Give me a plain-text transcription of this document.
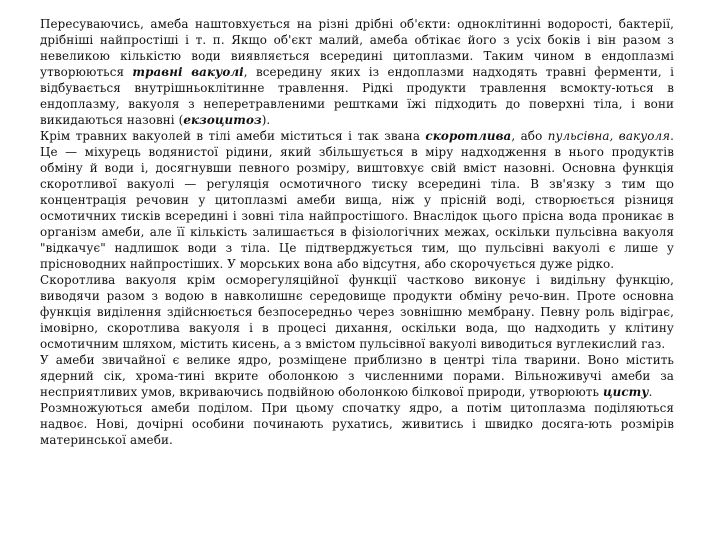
Пересуваючись, амеба наштовхується на різні дрібні об'єкти: одноклітинні водорості, бактерії, дрібніші найпростіші і т. п. Якщо об'єкт малий, амеба обтікає його з усіх боків і він разом з невеликою кількістю води виявляється всередині цитоплазми. Таким чином в ендоплазмі утворюються травні вакуолі, всередину яких із ендоплазми надходять травні ферменти, і відбувається внутрішньоклітинне травлення. Рідкі продукти травлення всмокту-ються в ендоплазму, вакуоля з неперетравленими рештками їжі підходить до поверхні тіла, і вони викидаються назовні (екзоцитоз).

Крім травних вакуолей в тілі амеби міститься і так звана скоротлива, або пульсівна, вакуоля. Це — міхурець водянистої рідини, який збільшується в міру надходження в нього продуктів обміну й води і, досягнувши певного розміру, виштовхує свій вміст назовні. Основна функція скоротливої вакуолі — регуляція осмотичного тиску всередині тіла. В зв'язку з тим що концентрація речовин у цитоплазмі амеби вища, ніж у прісній воді, створюється різниця осмотичних тисків всередині і зовні тіла найпростішого. Внаслідок цього прісна вода проникає в організм амеби, але її кількість залишається в фізіологічних межах, оскільки пульсівна вакуоля "відкачує" надлишок води з тіла. Це підтверджується тим, що пульсівні вакуолі є лише у прісноводних найпростіших. У морських вона або відсутня, або скорочується дуже рідко.

Скоротлива вакуоля крім осморегуляційної функції частково виконує і видільну функцію, виводячи разом з водою в навколишнє середовище продукти обміну речо-вин. Проте основна функція виділення здійснюється безпосередньо через зовнішню мембрану. Певну роль відіграє, імовірно, скоротлива вакуоля і в процесі дихання, оскільки вода, що надходить у клітину осмотичним шляхом, містить кисень, а з вмістом пульсівної вакуолі виводиться вуглекислий газ.

У амеби звичайної є велике ядро, розміщене приблизно в центрі тіла тварини. Воно містить ядерний сік, хрома-тині вкрите оболонкою з численними порами. Вільноживучі амеби за несприятливих умов, вкриваючись подвійною оболонкою білкової природи, утворюють цисту.

Розмножуються амеби поділом. При цьому спочатку ядро, а потім цитоплазма поділяються надвоє. Нові, дочірні особини починають рухатись, живитись і швидко досяга-ють розмірів материнської амеби.
